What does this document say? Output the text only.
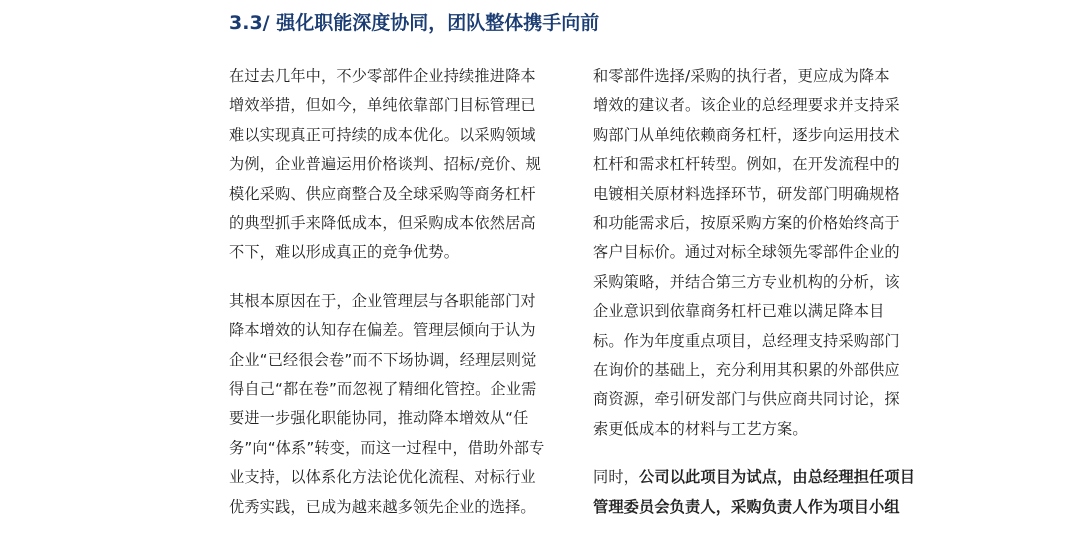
3.3/ 强化职能深度协同，团队整体携手向前

在过去几年中，不少零部件企业持续推进降本
增效举措，但如今，单纯依靠部门目标管理已
难以实现真正可持续的成本优化。以采购领域
为例，企业普遍运用价格谈判、招标/竞价、规
模化采购、供应商整合及全球采购等商务杠杆
的典型抓手来降低成本，但采购成本依然居高
不下，难以形成真正的竞争优势。

其根本原因在于，企业管理层与各职能部门对
降本增效的认知存在偏差。管理层倾向于认为
企业“已经很会卷”而不下场协调，经理层则觉
得自己“都在卷”而忽视了精细化管控。企业需
要进一步强化职能协同，推动降本增效从“任
务”向“体系”转变，而这一过程中，借助外部专
业支持，以体系化方法论优化流程、对标行业
优秀实践，已成为越来越多领先企业的选择。

和零部件选择/采购的执行者，更应成为降本
增效的建议者。该企业的总经理要求并支持采
购部门从单纯依赖商务杠杆，逐步向运用技术
杠杆和需求杠杆转型。例如，在开发流程中的
电镀相关原材料选择环节，研发部门明确规格
和功能需求后，按原采购方案的价格始终高于
客户目标价。通过对标全球领先零部件企业的
采购策略，并结合第三方专业机构的分析，该
企业意识到依靠商务杠杆已难以满足降本目
标。作为年度重点项目，总经理支持采购部门
在询价的基础上，充分利用其积累的外部供应
商资源，牵引研发部门与供应商共同讨论，探
索更低成本的材料与工艺方案。

同时，公司以此项目为试点，由总经理担任项目
管理委员会负责人，采购负责人作为项目小组
